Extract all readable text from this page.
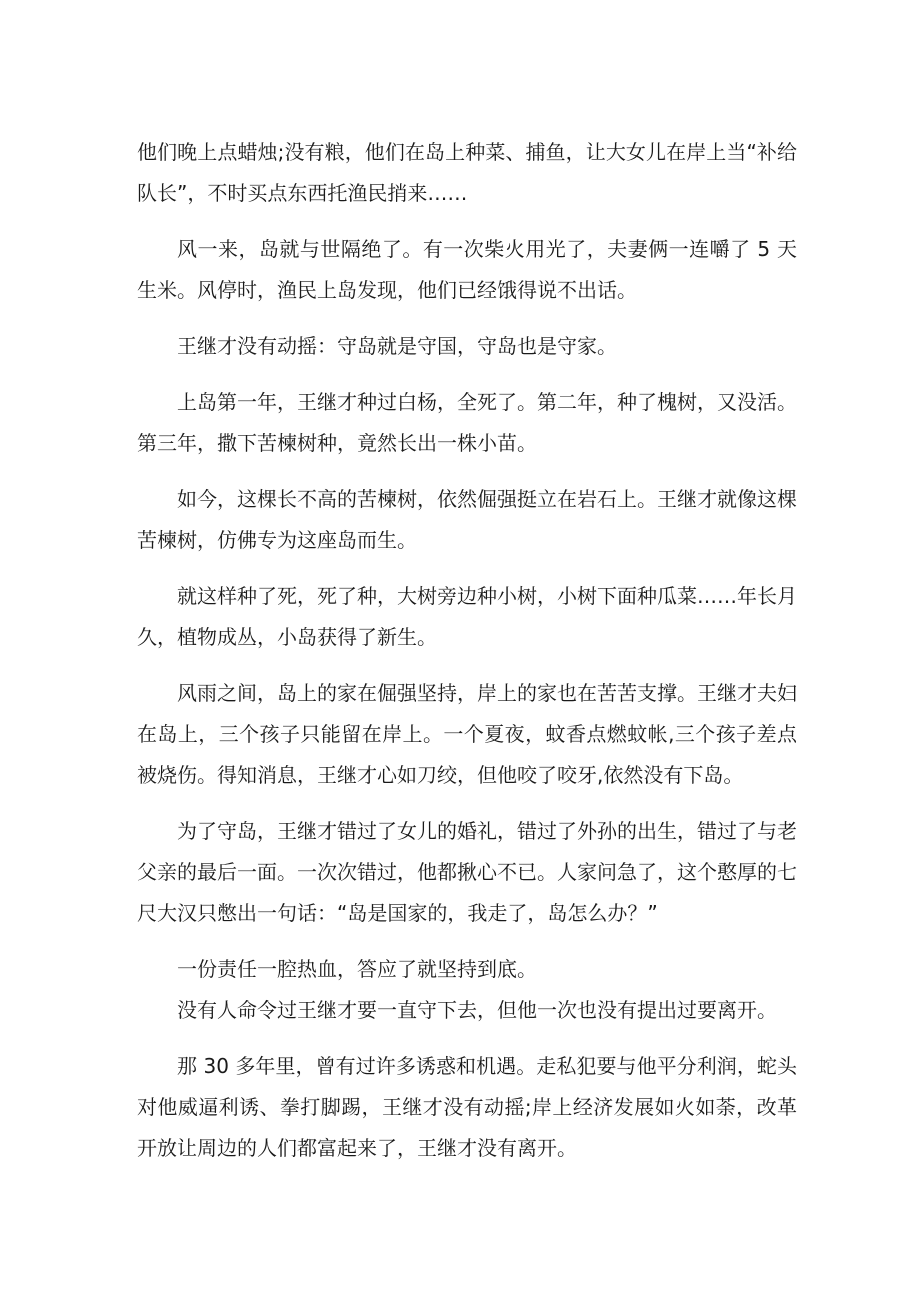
他们晚上点蜡烛;没有粮，他们在岛上种菜、捕鱼，让大女儿在岸上当“补给队长”，不时买点东西托渔民捎来……

风一来，岛就与世隔绝了。有一次柴火用光了，夫妻俩一连嚼了 5 天生米。风停时，渔民上岛发现，他们已经饿得说不出话。

王继才没有动摇：守岛就是守国，守岛也是守家。

上岛第一年，王继才种过白杨，全死了。第二年，种了槐树，又没活。第三年，撒下苦楝树种，竟然长出一株小苗。

如今，这棵长不高的苦楝树，依然倔强挺立在岩石上。王继才就像这棵苦楝树，仿佛专为这座岛而生。

就这样种了死，死了种，大树旁边种小树，小树下面种瓜菜……年长月久，植物成丛，小岛获得了新生。

风雨之间，岛上的家在倔强坚持，岸上的家也在苦苦支撑。王继才夫妇在岛上，三个孩子只能留在岸上。一个夏夜，蚊香点燃蚊帐,三个孩子差点被烧伤。得知消息，王继才心如刀绞，但他咬了咬牙,依然没有下岛。

为了守岛，王继才错过了女儿的婚礼，错过了外孙的出生，错过了与老父亲的最后一面。一次次错过，他都揪心不已。人家问急了，这个憨厚的七尺大汉只憋出一句话：“岛是国家的，我走了，岛怎么办？”

一份责任一腔热血，答应了就坚持到底。

没有人命令过王继才要一直守下去，但他一次也没有提出过要离开。

那 30 多年里，曾有过许多诱惑和机遇。走私犯要与他平分利润，蛇头对他威逼利诱、拳打脚踢，王继才没有动摇;岸上经济发展如火如荼，改革开放让周边的人们都富起来了，王继才没有离开。
